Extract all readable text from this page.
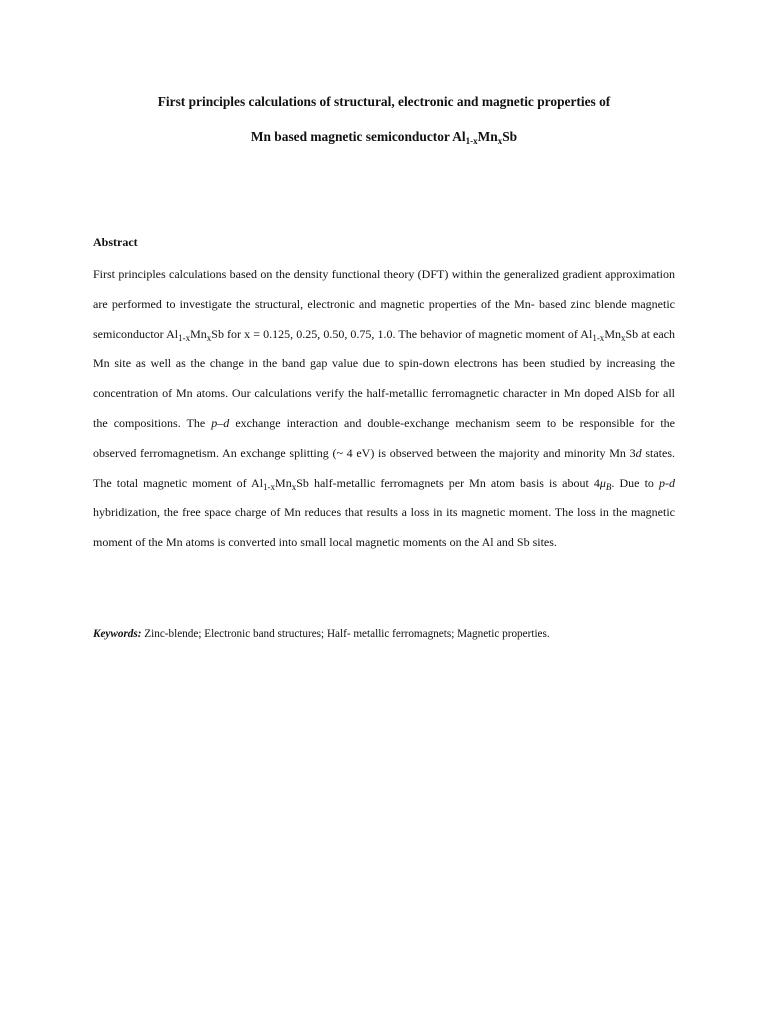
First principles calculations of structural, electronic and magnetic properties of
Mn based magnetic semiconductor $Al_{1-x}Mn_xSb$
Abstract
First principles calculations based on the density functional theory (DFT) within the generalized gradient approximation are performed to investigate the structural, electronic and magnetic properties of the Mn- based zinc blende magnetic semiconductor $Al_{1-x}Mn_xSb$ for x = 0.125, 0.25, 0.50, 0.75, 1.0. The behavior of magnetic moment of $Al_{1-x}Mn_xSb$ at each Mn site as well as the change in the band gap value due to spin-down electrons has been studied by increasing the concentration of Mn atoms. Our calculations verify the half-metallic ferromagnetic character in Mn doped AlSb for all the compositions. The p–d exchange interaction and double-exchange mechanism seem to be responsible for the observed ferromagnetism. An exchange splitting (~ 4 eV) is observed between the majority and minority Mn 3d states. The total magnetic moment of $Al_{1-x}Mn_xSb$ half-metallic ferromagnets per Mn atom basis is about $4\mu_B$. Due to p-d hybridization, the free space charge of Mn reduces that results a loss in its magnetic moment. The loss in the magnetic moment of the Mn atoms is converted into small local magnetic moments on the Al and Sb sites.
Keywords: Zinc-blende; Electronic band structures; Half- metallic ferromagnets; Magnetic properties.
